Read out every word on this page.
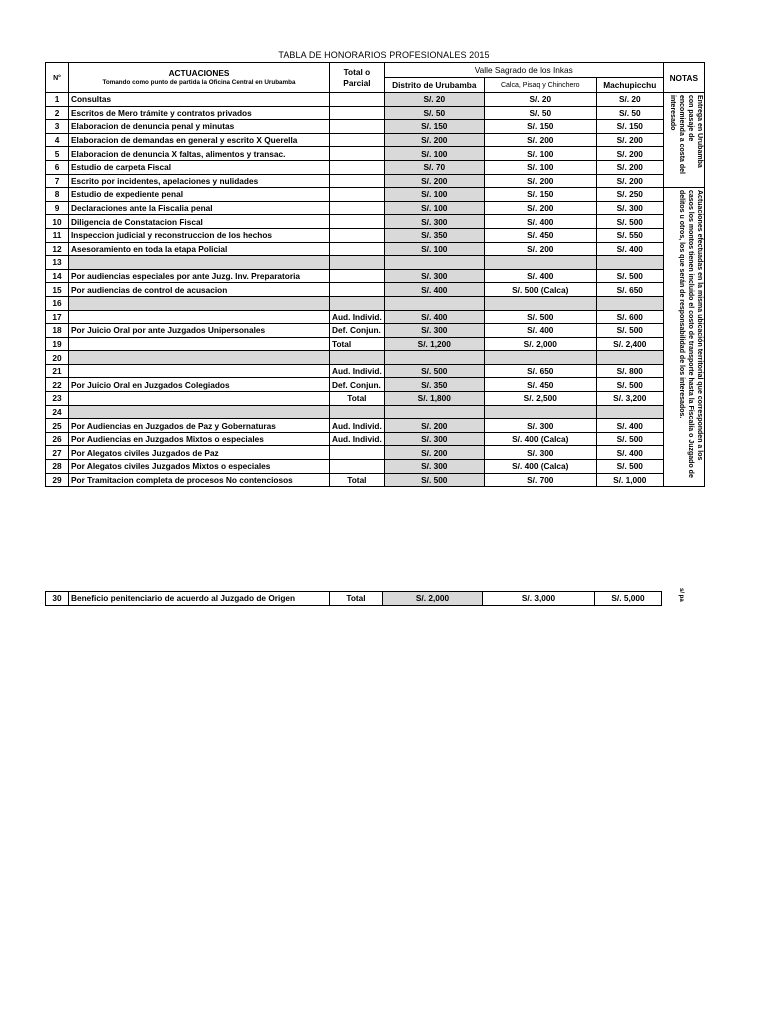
TABLA DE HONORARIOS PROFESIONALES 2015
N°	ACTUACIONES
Tomando como punto de partida la Oficina Central en Urubamba	Total o Parcial	Valle Sagrado de los Inkas			NOTAS
			Distrito de Urubamba	Calca, Pisaq y Chinchero	Machupicchu	
1	Consultas		S/. 20	S/. 20	S/. 20	Entrega en Urubamba con pasaje de encomienda a costa del interesado

2	Escritos de Mero trámite y contratos privados		S/. 50	S/. 50	S/. 50	
3	Elaboracion de denuncia penal y minutas		S/. 150	S/. 150	S/. 150	
4	Elaboracion de demandas en general y escrito X Querella		S/. 200	S/. 200	S/. 200	
5	Elaboracion de denuncia X faltas, alimentos y transac.		S/. 100	S/. 100	S/. 200	
6	Estudio de carpeta Fiscal		S/. 70	S/. 100	S/. 200	
7	Escrito por incidentes, apelaciones y nulidades		S/. 200	S/. 200	S/. 200	
8	Estudio de expediente penal		S/. 100	S/. 150	S/. 250	Actuaciones efectuadas en la misma ubicación territorial que corresponden a los casos los montos tienen incluido el costo de transporte hasta la Fiscalía o Juzgado de delitos u otros, los que serán de responsabilidad de los interesados.

9	Declaraciones ante la Fiscalia penal		S/. 100	S/. 200	S/. 300	
10	Diligencia de Constatacion Fiscal		S/. 300	S/. 400	S/. 500	
11	Inspeccion judicial y reconstruccion de los hechos		S/. 350	S/. 450	S/. 550	
12	Asesoramiento en toda la etapa Policial		S/. 100	S/. 200	S/. 400	
13						
14	Por audiencias especiales por ante Juzg. Inv. Preparatoria		S/. 300	S/. 400	S/. 500	
15	Por audiencias de control de acusacion		S/. 400	S/. 500 (Calca)	S/. 650	
16						
17		Aud. Individ.	S/. 400	S/. 500	S/. 600	
18	Por Juicio Oral por ante Juzgados Unipersonales	Def. Conjun.	S/. 300	S/. 400	S/. 500	
19		Total	S/. 1,200	S/. 2,000	S/. 2,400	
20						
21		Aud. Individ.	S/. 500	S/. 650	S/. 800	
22	Por Juicio Oral en Juzgados Colegiados	Def. Conjun.	S/. 350	S/. 450	S/. 500	
23		Total	S/. 1,800	S/. 2,500	S/. 3,200	
24						
25	Por Audiencias en Juzgados de Paz y Gobernaturas	Aud. Individ.	S/. 200	S/. 300	S/. 400	
26	Por Audiencias en Juzgados Mixtos o especiales	Aud. Individ.	S/. 300	S/. 400 (Calca)	S/. 500	
27	Por Alegatos civiles Juzgados de Paz		S/. 200	S/. 300	S/. 400	
28	Por Alegatos civiles Juzgados Mixtos o especiales		S/. 300	S/. 400 (Calca)	S/. 500	
29	Por Tramitacion completa de procesos No contenciosos	Total	S/. 500	S/. 700	S/. 1,000	
30	Beneficio penitenciario de acuerdo al Juzgado de Origen	Total	S/. 2,000	S/. 3,000	S/. 5,000	s/ pa
